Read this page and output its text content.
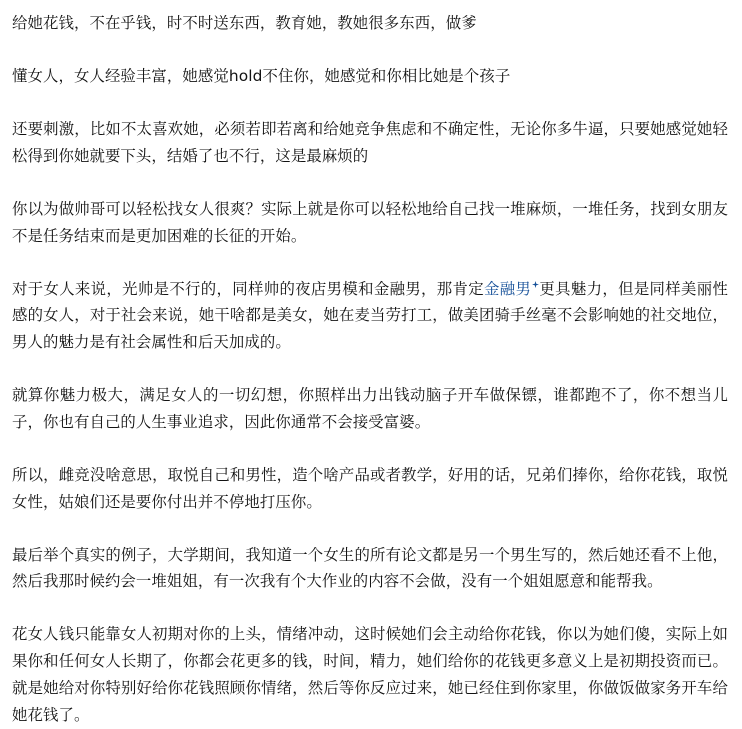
给她花钱，不在乎钱，时不时送东西，教育她，教她很多东西，做爹

懂女人，女人经验丰富，她感觉hold不住你，她感觉和你相比她是个孩子

还要刺激，比如不太喜欢她，必须若即若离和给她竞争焦虑和不确定性，无论你多牛逼，只要她感觉她轻松得到你她就要下头，结婚了也不行，这是最麻烦的

你以为做帅哥可以轻松找女人很爽？实际上就是你可以轻松地给自己找一堆麻烦，一堆任务，找到女朋友不是任务结束而是更加困难的长征的开始。

对于女人来说，光帅是不行的，同样帅的夜店男模和金融男，那肯定金融男 更具魅力，但是同样美丽性感的女人，对于社会来说，她干啥都是美女，她在麦当劳打工，做美团骑手丝毫不会影响她的社交地位，男人的魅力是有社会属性和后天加成的。

就算你魅力极大，满足女人的一切幻想，你照样出力出钱动脑子开车做保镖，谁都跑不了，你不想当儿子，你也有自己的人生事业追求，因此你通常不会接受富婆。

所以，雌竞没啥意思，取悦自己和男性，造个啥产品或者教学，好用的话，兄弟们捧你，给你花钱，取悦女性，姑娘们还是要你付出并不停地打压你。

最后举个真实的例子，大学期间，我知道一个女生的所有论文都是另一个男生写的，然后她还看不上他，然后我那时候约会一堆姐姐，有一次我有个大作业的内容不会做，没有一个姐姐愿意和能帮我。

花女人钱只能靠女人初期对你的上头，情绪冲动，这时候她们会主动给你花钱，你以为她们傻，实际上如果你和任何女人长期了，你都会花更多的钱，时间，精力，她们给你的花钱更多意义上是初期投资而已。就是她给对你特别好给你花钱照顾你情绪，然后等你反应过来，她已经住到你家里，你做饭做家务开车给她花钱了。
